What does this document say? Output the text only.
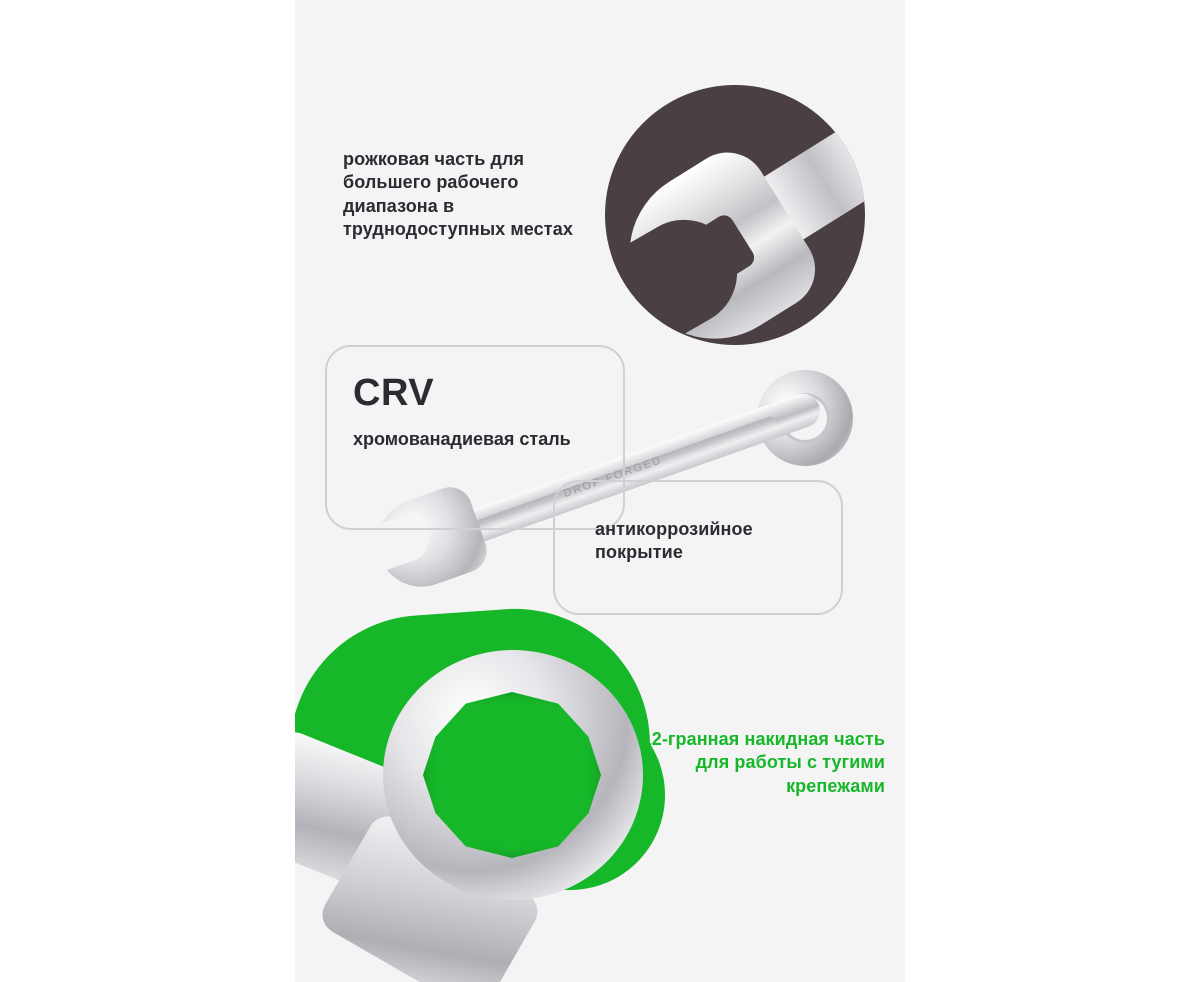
DROP FORGED
рожковая часть для большего рабочего диапазона в труднодоступных местах
CRV
хромованадиевая сталь
антикоррозийное покрытие
12-гранная накидная часть для работы с тугими крепежами
